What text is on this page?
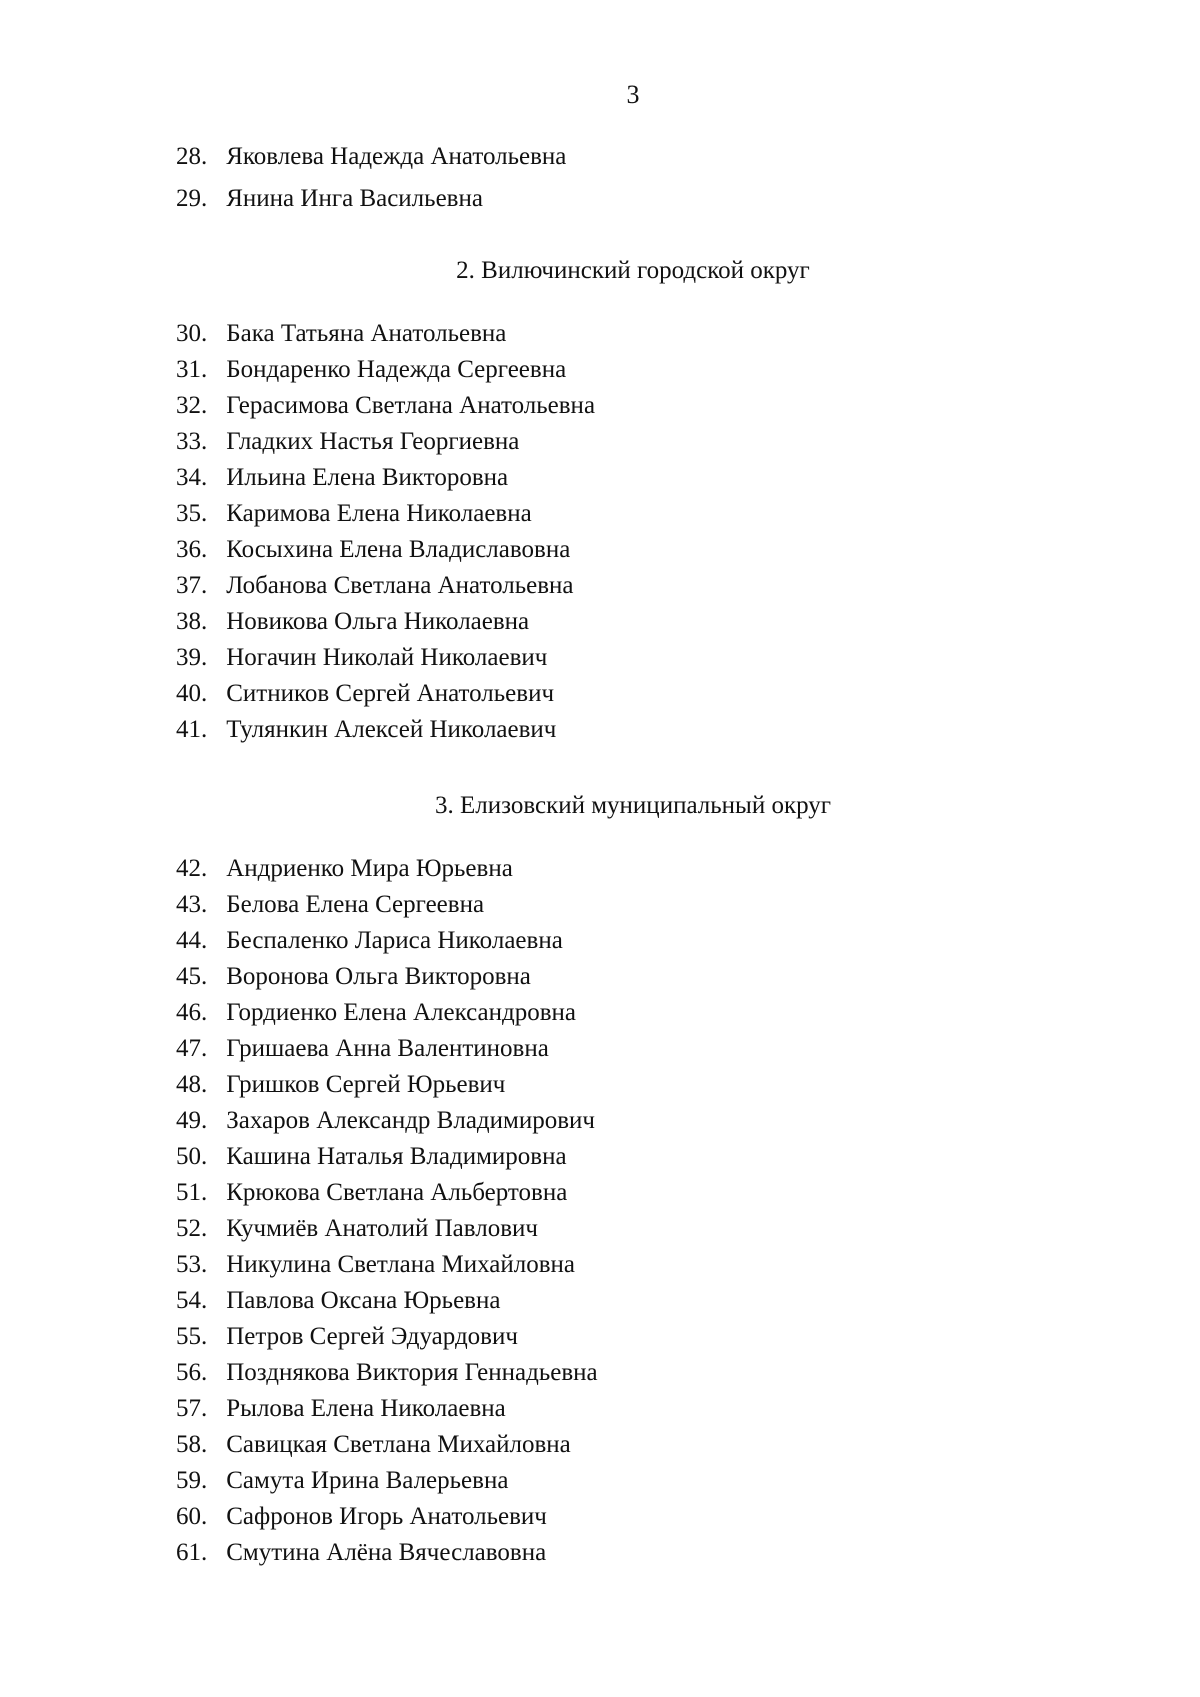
3
28. Яковлева Надежда Анатольевна
29. Янина Инга Васильевна
2. Вилючинский городской округ
30. Бака Татьяна Анатольевна
31. Бондаренко Надежда Сергеевна
32. Герасимова Светлана Анатольевна
33. Гладких Настья Георгиевна
34. Ильина Елена Викторовна
35. Каримова Елена Николаевна
36. Косыхина Елена Владиславовна
37. Лобанова Светлана Анатольевна
38. Новикова Ольга Николаевна
39. Ногачин Николай Николаевич
40. Ситников Сергей Анатольевич
41. Тулянкин Алексей Николаевич
3. Елизовский муниципальный округ
42. Андриенко Мира Юрьевна
43. Белова Елена Сергеевна
44. Беспаленко Лариса Николаевна
45. Воронова Ольга Викторовна
46. Гордиенко Елена Александровна
47. Гришаева Анна Валентиновна
48. Гришков Сергей Юрьевич
49. Захаров Александр Владимирович
50. Кашина Наталья Владимировна
51. Крюкова Светлана Альбертовна
52. Кучмиёв Анатолий Павлович
53. Никулина Светлана Михайловна
54. Павлова Оксана Юрьевна
55. Петров Сергей Эдуардович
56. Позднякова Виктория Геннадьевна
57. Рылова Елена Николаевна
58. Савицкая Светлана Михайловна
59. Самута Ирина Валерьевна
60. Сафронов Игорь Анатольевич
61. Смутина Алёна Вячеславовна
